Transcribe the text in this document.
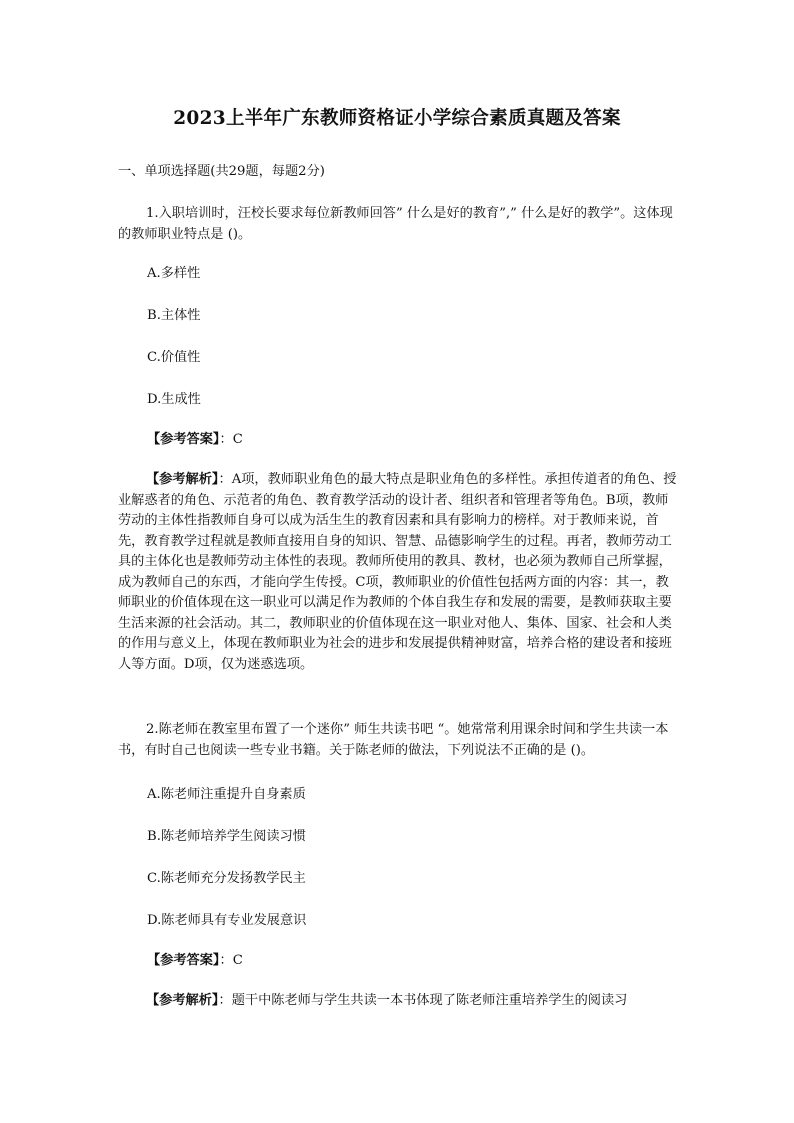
2023上半年广东教师资格证小学综合素质真题及答案
一、单项选择题(共29题，每题2分)
1.入职培训时，汪校长要求每位新教师回答” 什么是好的教育”,” 什么是好的教学”。这体现的教师职业特点是 ()。
A.多样性
B.主体性
C.价值性
D.生成性
【参考答案】：C
【参考解析】：A项，教师职业角色的最大特点是职业角色的多样性。承担传道者的角色、授业解惑者的角色、示范者的角色、教育教学活动的设计者、组织者和管理者等角色。B项，教师劳动的主体性指教师自身可以成为活生生的教育因素和具有影响力的榜样。对于教师来说，首先，教育教学过程就是教师直接用自身的知识、智慧、品德影响学生的过程。再者，教师劳动工具的主体化也是教师劳动主体性的表现。教师所使用的教具、教材，也必须为教师自己所掌握，成为教师自己的东西，才能向学生传授。C项，教师职业的价值性包括两方面的内容：其一，教师职业的价值体现在这一职业可以满足作为教师的个体自我生存和发展的需要，是教师获取主要生活来源的社会活动。其二，教师职业的价值体现在这一职业对他人、集体、国家、社会和人类的作用与意义上，体现在教师职业为社会的进步和发展提供精神财富，培养合格的建设者和接班人等方面。D项，仅为迷惑选项。
2.陈老师在教室里布置了一个迷你” 师生共读书吧 “。她常常利用课余时间和学生共读一本书，有时自己也阅读一些专业书籍。关于陈老师的做法，下列说法不正确的是 ()。
A.陈老师注重提升自身素质
B.陈老师培养学生阅读习惯
C.陈老师充分发扬教学民主
D.陈老师具有专业发展意识
【参考答案】：C
【参考解析】：题干中陈老师与学生共读一本书体现了陈老师注重培养学生的阅读习
